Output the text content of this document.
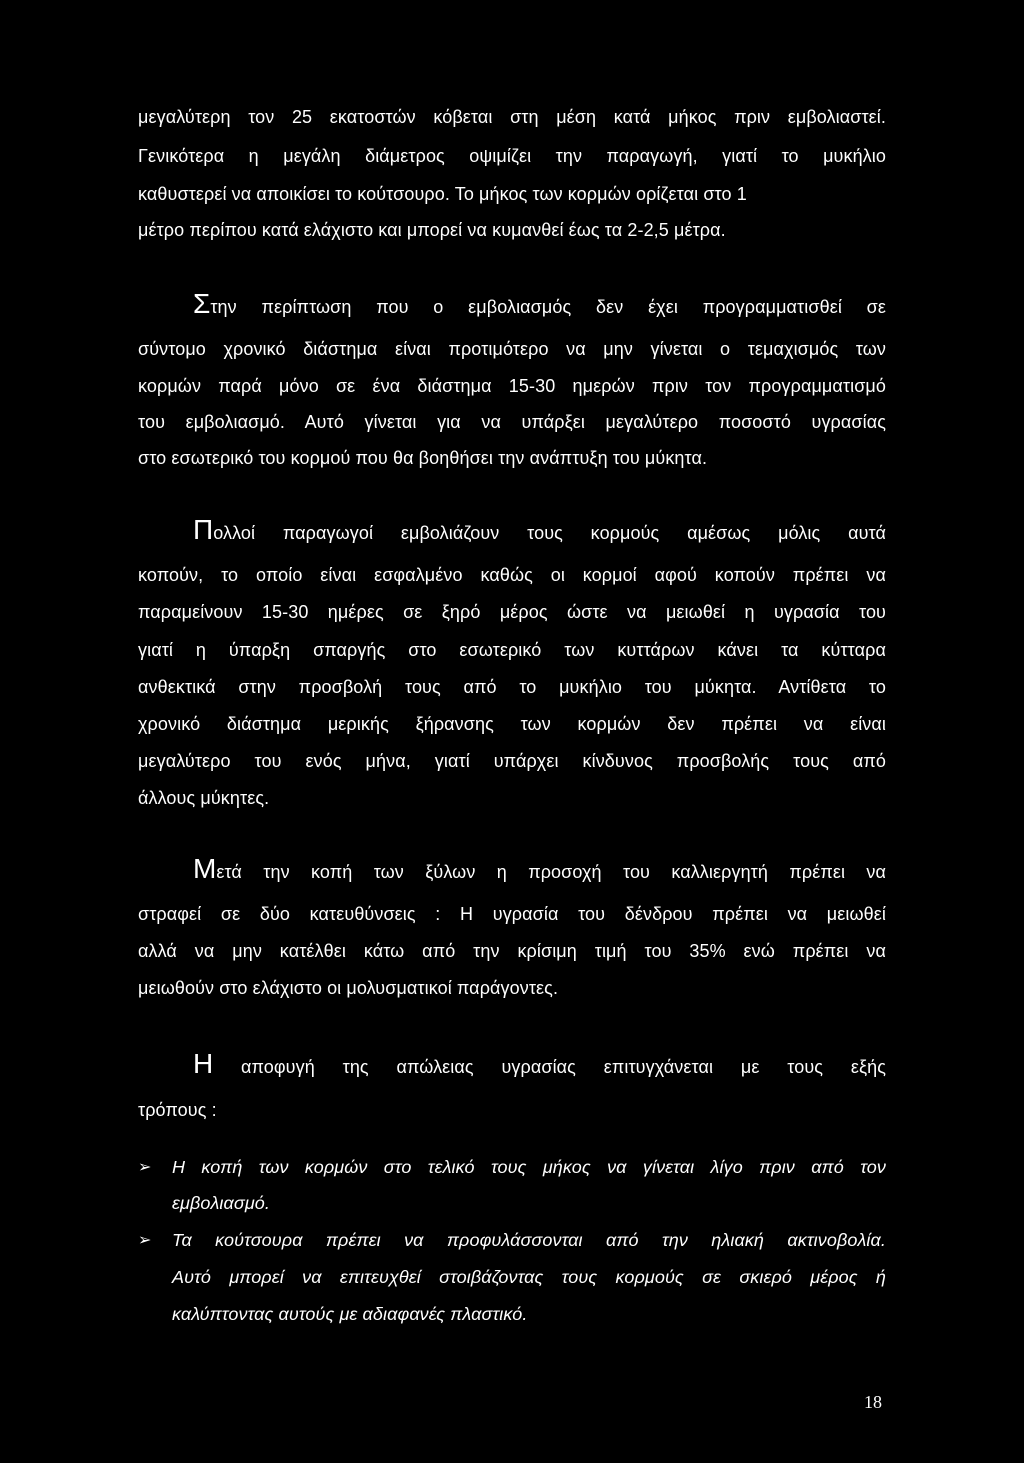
μεγαλύτερη τον 25 εκατοστών κόβεται στη μέση κατά μήκος πριν εμβολιαστεί.
Γενικότερα η μεγάλη διάμετρος οψιμίζει την παραγωγή, γιατί το μυκήλιο
καθυστερεί να αποικίσει το κούτσουρο. Το μήκος των κορμών ορίζεται στο 1
μέτρο περίπου κατά ελάχιστο και μπορεί να κυμανθεί έως τα 2-2,5 μέτρα.
Στην περίπτωση που ο εμβολιασμός δεν έχει προγραμματισθεί σε
σύντομο χρονικό διάστημα είναι προτιμότερο να μην γίνεται ο τεμαχισμός των
κορμών παρά μόνο σε ένα διάστημα 15-30 ημερών πριν τον προγραμματισμό
του εμβολιασμό. Αυτό γίνεται για να υπάρξει μεγαλύτερο ποσοστό υγρασίας
στο εσωτερικό του κορμού που θα βοηθήσει την ανάπτυξη του μύκητα.
Πολλοί παραγωγοί εμβολιάζουν τους κορμούς αμέσως μόλις αυτά
κοπούν, το οποίο είναι εσφαλμένο καθώς οι κορμοί αφού κοπούν πρέπει να
παραμείνουν 15-30 ημέρες σε ξηρό μέρος ώστε να μειωθεί η υγρασία του
γιατί η ύπαρξη σπαργής στο εσωτερικό των κυττάρων κάνει τα κύτταρα
ανθεκτικά στην προσβολή τους από το μυκήλιο του μύκητα. Αντίθετα το
χρονικό διάστημα μερικής ξήρανσης των κορμών δεν πρέπει να είναι
μεγαλύτερο του ενός μήνα, γιατί υπάρχει κίνδυνος προσβολής τους από
άλλους μύκητες.
Μετά την κοπή των ξύλων η προσοχή του καλλιεργητή πρέπει να
στραφεί σε δύο κατευθύνσεις : Η υγρασία του δένδρου πρέπει να μειωθεί
αλλά να μην κατέλθει κάτω από την κρίσιμη τιμή του 35% ενώ πρέπει να
μειωθούν στο ελάχιστο οι μολυσματικοί παράγοντες.
Η αποφυγή της απώλειας υγρασίας επιτυγχάνεται με τους εξής
τρόπους :
➢ Η κοπή των κορμών στο τελικό τους μήκος να γίνεται λίγο πριν από τον
εμβολιασμό.
➢ Τα κούτσουρα πρέπει να προφυλάσσονται από την ηλιακή ακτινοβολία.
Αυτό μπορεί να επιτευχθεί στοιβάζοντας τους κορμούς σε σκιερό μέρος ή
καλύπτοντας αυτούς με αδιαφανές πλαστικό.
18
